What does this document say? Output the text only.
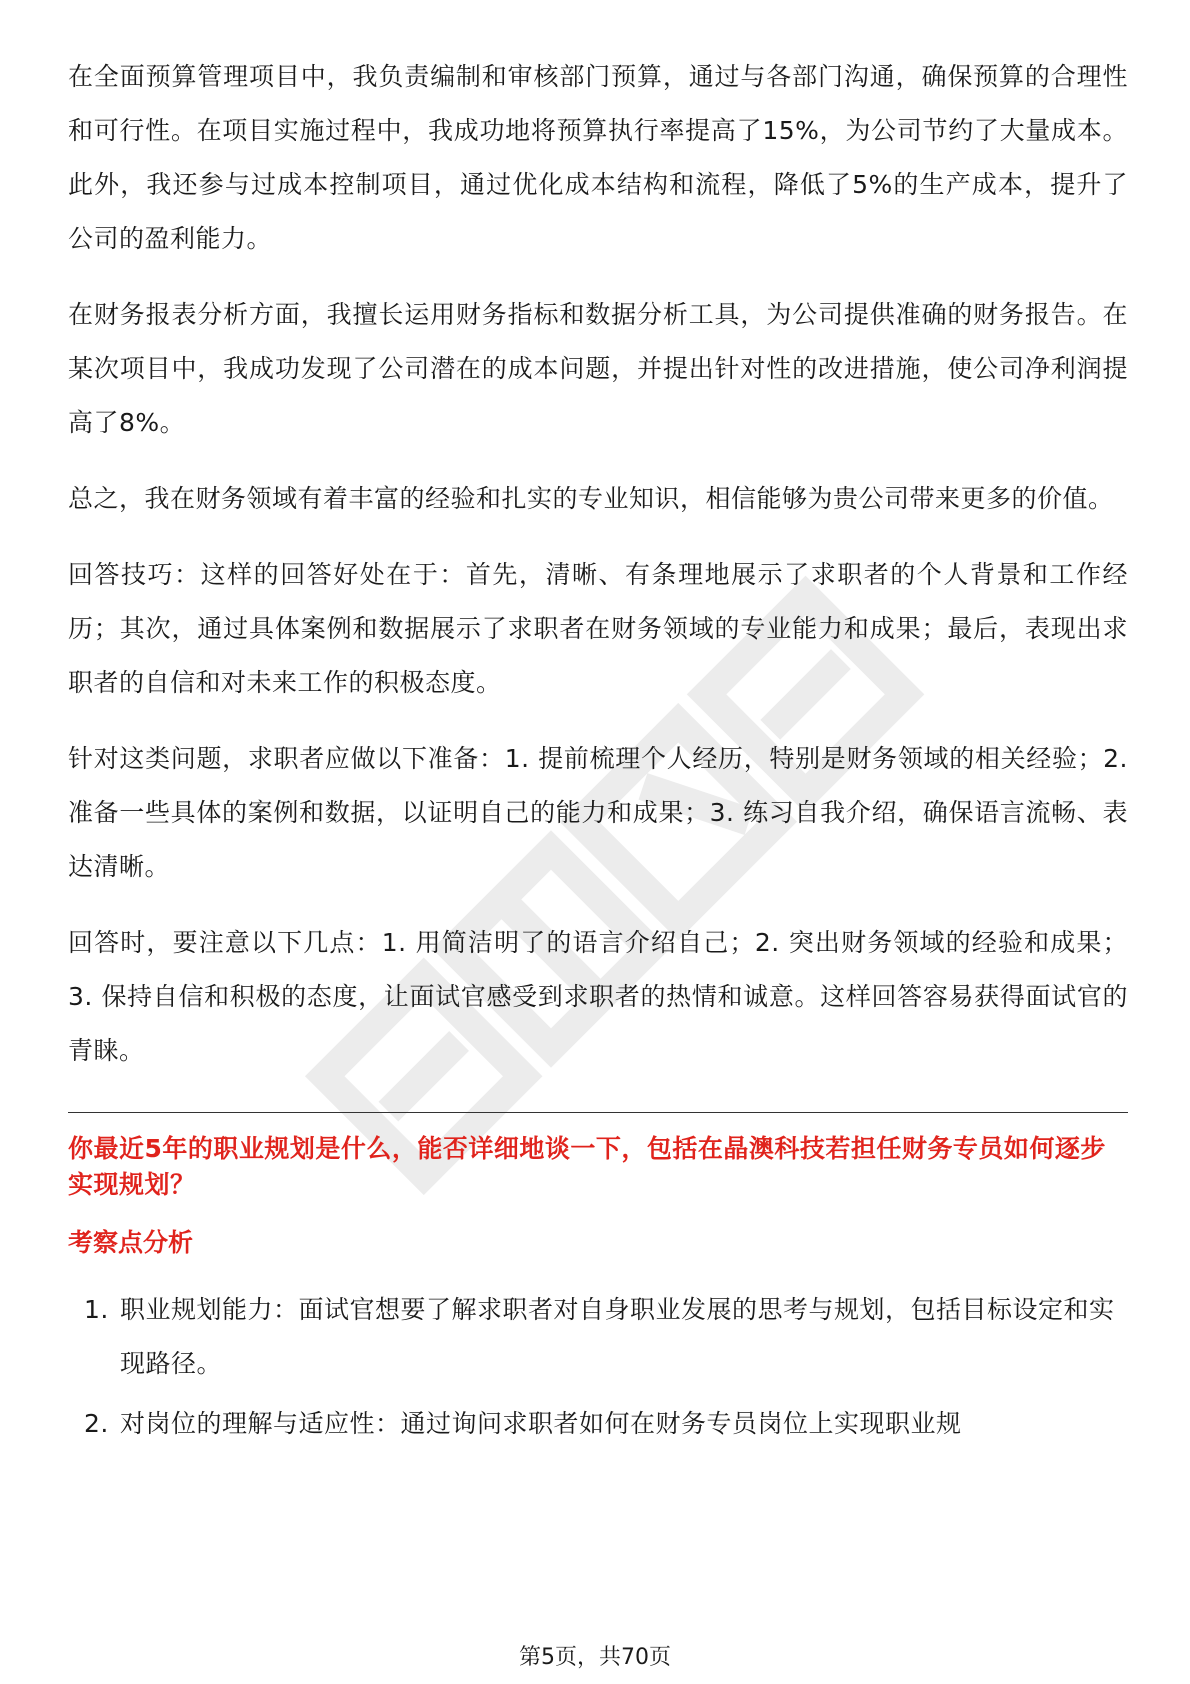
在全面预算管理项目中，我负责编制和审核部门预算，通过与各部门沟通，确保预算的合理性和可行性。在项目实施过程中，我成功地将预算执行率提高了15%，为公司节约了大量成本。此外，我还参与过成本控制项目，通过优化成本结构和流程，降低了5%的生产成本，提升了公司的盈利能力。

在财务报表分析方面，我擅长运用财务指标和数据分析工具，为公司提供准确的财务报告。在某次项目中，我成功发现了公司潜在的成本问题，并提出针对性的改进措施，使公司净利润提高了8%。

总之，我在财务领域有着丰富的经验和扎实的专业知识，相信能够为贵公司带来更多的价值。

回答技巧：这样的回答好处在于：首先，清晰、有条理地展示了求职者的个人背景和工作经历；其次，通过具体案例和数据展示了求职者在财务领域的专业能力和成果；最后，表现出求职者的自信和对未来工作的积极态度。

针对这类问题，求职者应做以下准备：1. 提前梳理个人经历，特别是财务领域的相关经验；2. 准备一些具体的案例和数据，以证明自己的能力和成果；3. 练习自我介绍，确保语言流畅、表达清晰。

回答时，要注意以下几点：1. 用简洁明了的语言介绍自己；2. 突出财务领域的经验和成果；3. 保持自信和积极的态度，让面试官感受到求职者的热情和诚意。这样回答容易获得面试官的青睐。

你最近5年的职业规划是什么，能否详细地谈一下，包括在晶澳科技若担任财务专员如何逐步实现规划？
考察点分析
1. 职业规划能力：面试官想要了解求职者对自身职业发展的思考与规划，包括目标设定和实现路径。
2. 对岗位的理解与适应性：通过询问求职者如何在财务专员岗位上实现职业规
第5页，共70页
